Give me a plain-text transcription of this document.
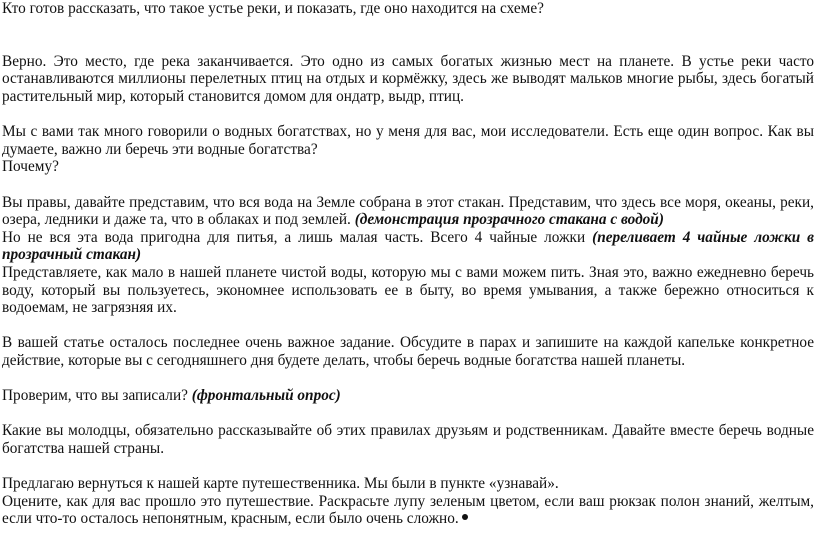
Кто готов рассказать, что такое устье реки, и показать, где оно находится на схеме?

Верно. Это место, где река заканчивается. Это одно из самых богатых жизнью мест на планете. В устье реки часто останавливаются миллионы перелетных птиц на отдых и кормёжку, здесь же выводят мальков многие рыбы, здесь богатый растительный мир, который становится домом для ондатр, выдр, птиц.

Мы с вами так много говорили о водных богатствах, но у меня для вас, мои исследователи. Есть еще один вопрос. Как вы думаете, важно ли беречь эти водные богатства?

Почему?

Вы правы, давайте представим, что вся вода на Земле собрана в этот стакан. Представим, что здесь все моря, океаны, реки, озера, ледники и даже та, что в облаках и под землей. (демонстрация прозрачного стакана с водой)

Но не вся эта вода пригодна для питья, а лишь малая часть. Всего 4 чайные ложки (переливает 4 чайные ложки в прозрачный стакан)

Представляете, как мало в нашей планете чистой воды, которую мы с вами можем пить. Зная это, важно ежедневно беречь воду, который вы пользуетесь, экономнее использовать ее в быту, во время умывания, а также бережно относиться к водоемам, не загрязняя их.

В вашей статье осталось последнее очень важное задание. Обсудите в парах и запишите на каждой капельке конкретное действие, которые вы с сегодняшнего дня будете делать, чтобы беречь водные богатства нашей планеты.

Проверим, что вы записали? (фронтальный опрос)

Какие вы молодцы, обязательно рассказывайте об этих правилах друзьям и родственникам. Давайте вместе беречь водные богатства нашей страны.

Предлагаю вернуться к нашей карте путешественника. Мы были в пункте «узнавай».

Оцените, как для вас прошло это путешествие. Раскрасьте лупу зеленым цветом, если ваш рюкзак полон знаний, желтым, если что-то осталось непонятным, красным, если было очень сложно.
